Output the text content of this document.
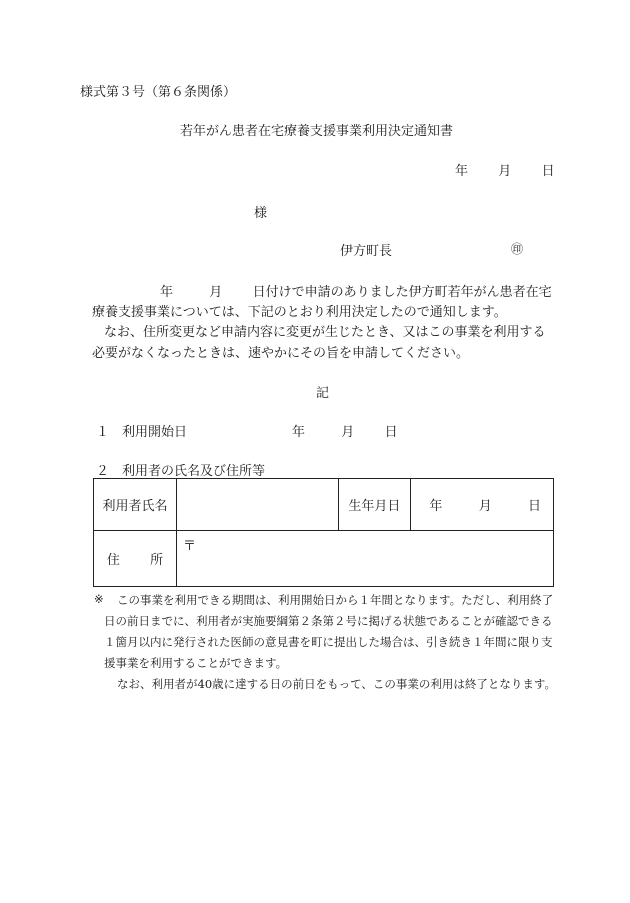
様式第３号（第６条関係）
若年がん患者在宅療養支援事業利用決定通知書
年 月 日
様
伊方町長	㊞
年	月 日付けで申請のありました伊方町若年がん患者在宅
療養支援事業については、下記のとおり利用決定したので通知します。
なお、住所変更など申請内容に変更が生じたとき、又はこの事業を利用する
必要がなくなったときは、速やかにその旨を申請してください。
記
１　利用開始日	年	月 日
２　利用者の氏名及び住所等
利用者氏名		生年月日	年 月 日
住 所	〒		
※ この事業を利用できる期間は、利用開始日から１年間となります。ただし、利用終了
日の前日までに、利用者が実施要綱第２条第２号に掲げる状態であることが確認できる
１箇月以内に発行された医師の意見書を町に提出した場合は、引き続き１年間に限り支
援事業を利用することができます。
なお、利用者が40歳に達する日の前日をもって、この事業の利用は終了となります。
